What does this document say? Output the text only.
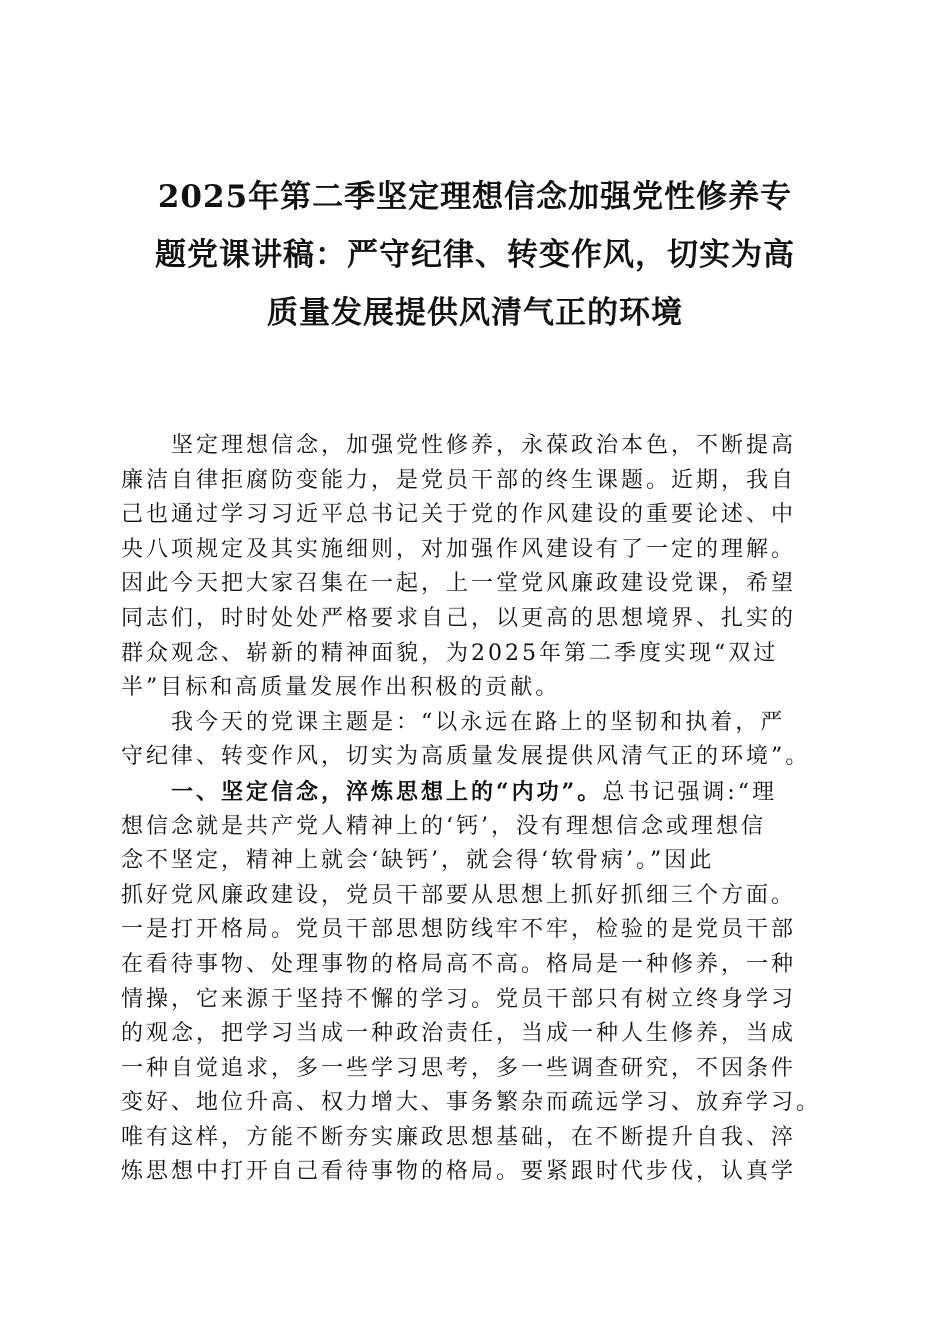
2025年第二季坚定理想信念加强党性修养专
题党课讲稿：严守纪律、转变作风，切实为高
质量发展提供风清气正的环境
坚定理想信念，加强党性修养，永葆政治本色，不断提高
廉洁自律拒腐防变能力，是党员干部的终生课题。近期，我自
己也通过学习习近平总书记关于党的作风建设的重要论述、中
央八项规定及其实施细则，对加强作风建设有了一定的理解。
因此今天把大家召集在一起，上一堂党风廉政建设党课，希望
同志们，时时处处严格要求自己，以更高的思想境界、扎实的
群众观念、崭新的精神面貌，为2025年第二季度实现“双过
半”目标和高质量发展作出积极的贡献。
我今天的党课主题是：“以永远在路上的坚韧和执着，严
守纪律、转变作风，切实为高质量发展提供风清气正的环境”。
一、坚定信念，淬炼思想上的“内功”。总书记强调:“理
想信念就是共产党人精神上的‘钙’，没有理想信念或理想信
念不坚定，精神上就会‘缺钙’，就会得‘软骨病’。”因此
抓好党风廉政建设，党员干部要从思想上抓好抓细三个方面。
一是打开格局。党员干部思想防线牢不牢，检验的是党员干部
在看待事物、处理事物的格局高不高。格局是一种修养，一种
情操，它来源于坚持不懈的学习。党员干部只有树立终身学习
的观念，把学习当成一种政治责任，当成一种人生修养，当成
一种自觉追求，多一些学习思考，多一些调查研究，不因条件
变好、地位升高、权力增大、事务繁杂而疏远学习、放弃学习。
唯有这样，方能不断夯实廉政思想基础，在不断提升自我、淬
炼思想中打开自己看待事物的格局。要紧跟时代步伐，认真学
